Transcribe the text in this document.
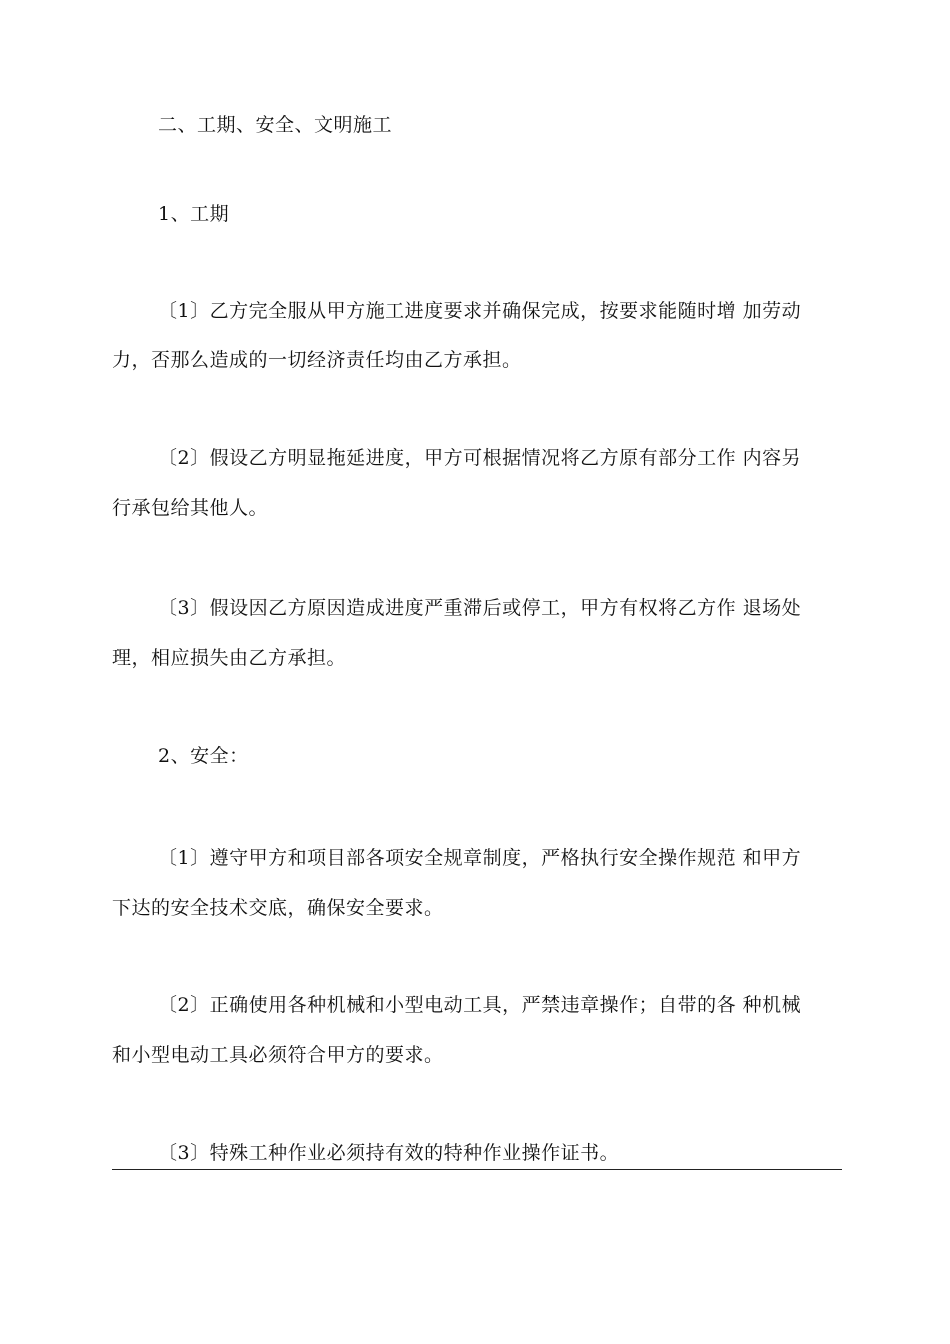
二、工期、安全、文明施工
1、工期
〔1〕乙方完全服从甲方施工进度要求并确保完成，按要求能随时增 加劳动
力，否那么造成的一切经济责任均由乙方承担。
〔2〕假设乙方明显拖延进度，甲方可根据情况将乙方原有部分工作 内容另
行承包给其他人。
〔3〕假设因乙方原因造成进度严重滞后或停工，甲方有权将乙方作 退场处
理，相应损失由乙方承担。
2、安全：
〔1〕遵守甲方和项目部各项安全规章制度，严格执行安全操作规范 和甲方
下达的安全技术交底，确保安全要求。
〔2〕正确使用各种机械和小型电动工具，严禁违章操作；自带的各 种机械
和小型电动工具必须符合甲方的要求。
〔3〕特殊工种作业必须持有效的特种作业操作证书。
